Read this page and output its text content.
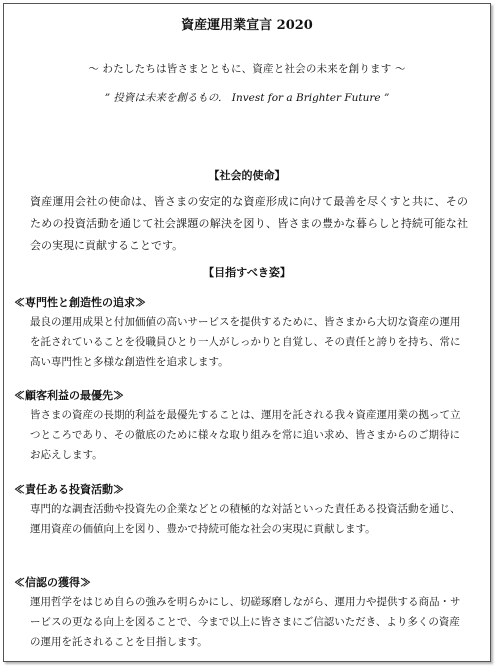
資産運用業宣言 2020
～ わたしたちは皆さまとともに、資産と社会の未来を創ります ～
” 投資は未来を創るもの． Invest for a Brighter Future ”
【社会的使命】
資産運用会社の使命は、皆さまの安定的な資産形成に向けて最善を尽くすと共に、そのための投資活動を通じて社会課題の解決を図り、皆さまの豊かな暮らしと持続可能な社会の実現に貢献することです。
【目指すべき姿】
≪専門性と創造性の追求≫
最良の運用成果と付加価値の高いサービスを提供するために、皆さまから大切な資産の運用を託されていることを役職員ひとり一人がしっかりと自覚し、その責任と誇りを持ち、常に高い専門性と多様な創造性を追求します。
≪顧客利益の最優先≫
皆さまの資産の長期的利益を最優先することは、運用を託される我々資産運用業の拠って立つところであり、その徹底のために様々な取り組みを常に追い求め、皆さまからのご期待にお応えします。
≪責任ある投資活動≫
専門的な調査活動や投資先の企業などとの積極的な対話といった責任ある投資活動を通じ、運用資産の価値向上を図り、豊かで持続可能な社会の実現に貢献します。
≪信認の獲得≫
運用哲学をはじめ自らの強みを明らかにし、切磋琢磨しながら、運用力や提供する商品・サービスの更なる向上を図ることで、今まで以上に皆さまにご信認いただき、より多くの資産の運用を託されることを目指します。
